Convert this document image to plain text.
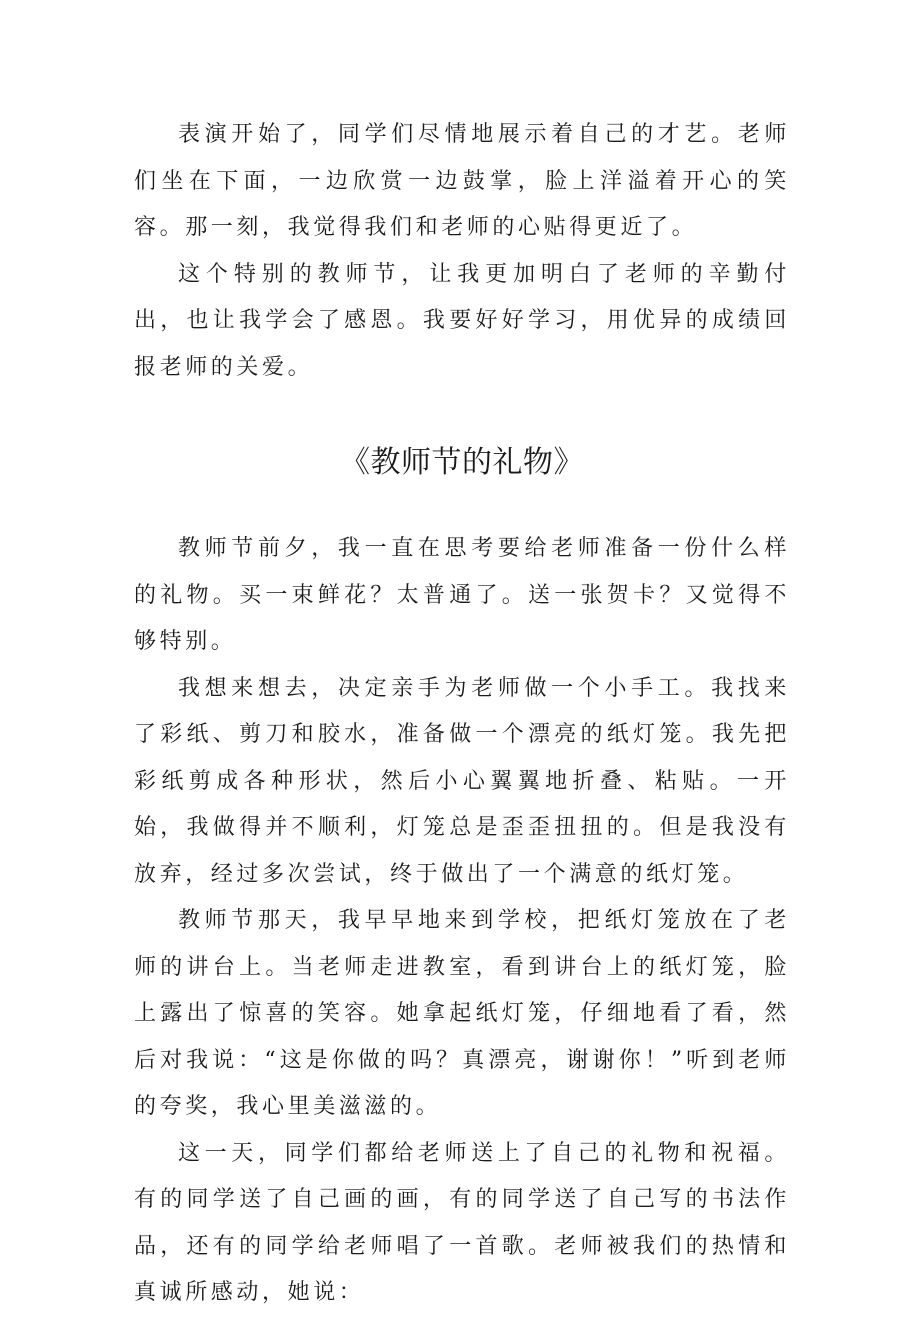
表演开始了，同学们尽情地展示着自己的才艺。老师们坐在下面，一边欣赏一边鼓掌，脸上洋溢着开心的笑容。那一刻，我觉得我们和老师的心贴得更近了。

这个特别的教师节，让我更加明白了老师的辛勤付出，也让我学会了感恩。我要好好学习，用优异的成绩回报老师的关爱。

《教师节的礼物》

教师节前夕，我一直在思考要给老师准备一份什么样的礼物。买一束鲜花？太普通了。送一张贺卡？又觉得不够特别。

我想来想去，决定亲手为老师做一个小手工。我找来了彩纸、剪刀和胶水，准备做一个漂亮的纸灯笼。我先把彩纸剪成各种形状，然后小心翼翼地折叠、粘贴。一开始，我做得并不顺利，灯笼总是歪歪扭扭的。但是我没有放弃，经过多次尝试，终于做出了一个满意的纸灯笼。

教师节那天，我早早地来到学校，把纸灯笼放在了老师的讲台上。当老师走进教室，看到讲台上的纸灯笼，脸上露出了惊喜的笑容。她拿起纸灯笼，仔细地看了看，然后对我说：“这是你做的吗？真漂亮，谢谢你！”听到老师的夸奖，我心里美滋滋的。

这一天，同学们都给老师送上了自己的礼物和祝福。有的同学送了自己画的画，有的同学送了自己写的书法作品，还有的同学给老师唱了一首歌。老师被我们的热情和真诚所感动，她说：
